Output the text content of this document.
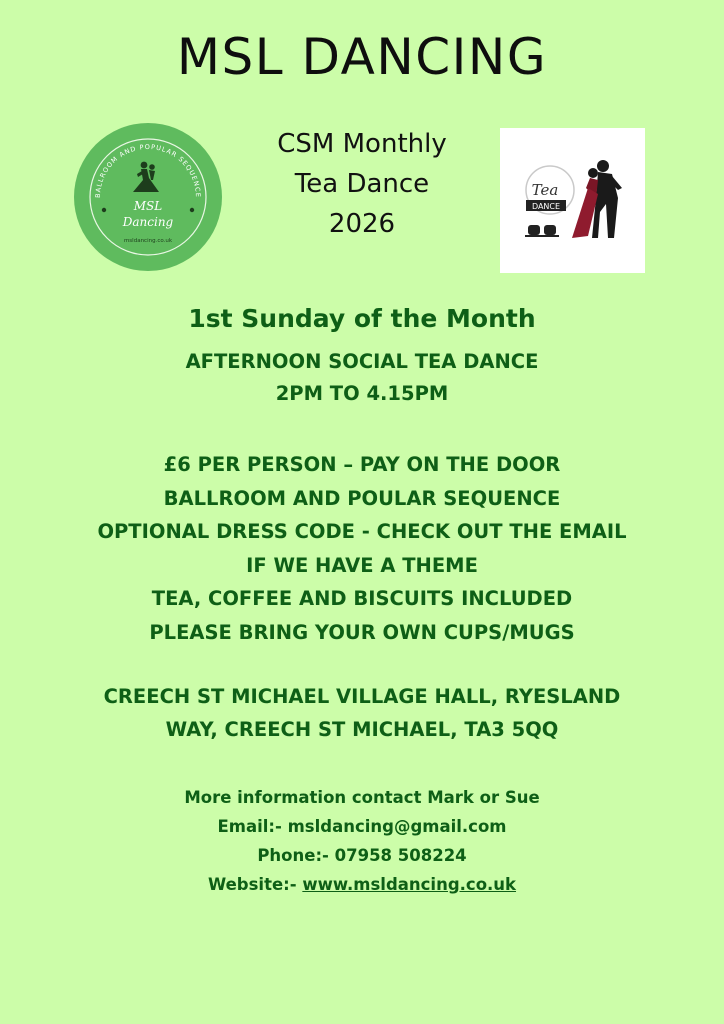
MSL DANCING
BALLROOM AND POPULAR SEQUENCE
MSL
Dancing
msldancing.co.uk
CSM Monthly
Tea Dance
2026
Tea
DANCE
1st Sunday of the Month
AFTERNOON SOCIAL TEA DANCE
2PM TO 4.15PM
£6 PER PERSON – PAY ON THE DOOR
BALLROOM AND POULAR SEQUENCE
OPTIONAL DRESS CODE - CHECK OUT THE EMAIL
IF WE HAVE A THEME
TEA, COFFEE AND BISCUITS INCLUDED
PLEASE BRING YOUR OWN CUPS/MUGS
CREECH ST MICHAEL VILLAGE HALL, RYESLAND
WAY, CREECH ST MICHAEL, TA3 5QQ
More information contact Mark or Sue
Email:- msldancing@gmail.com
Phone:- 07958 508224
Website:- www.msldancing.co.uk
